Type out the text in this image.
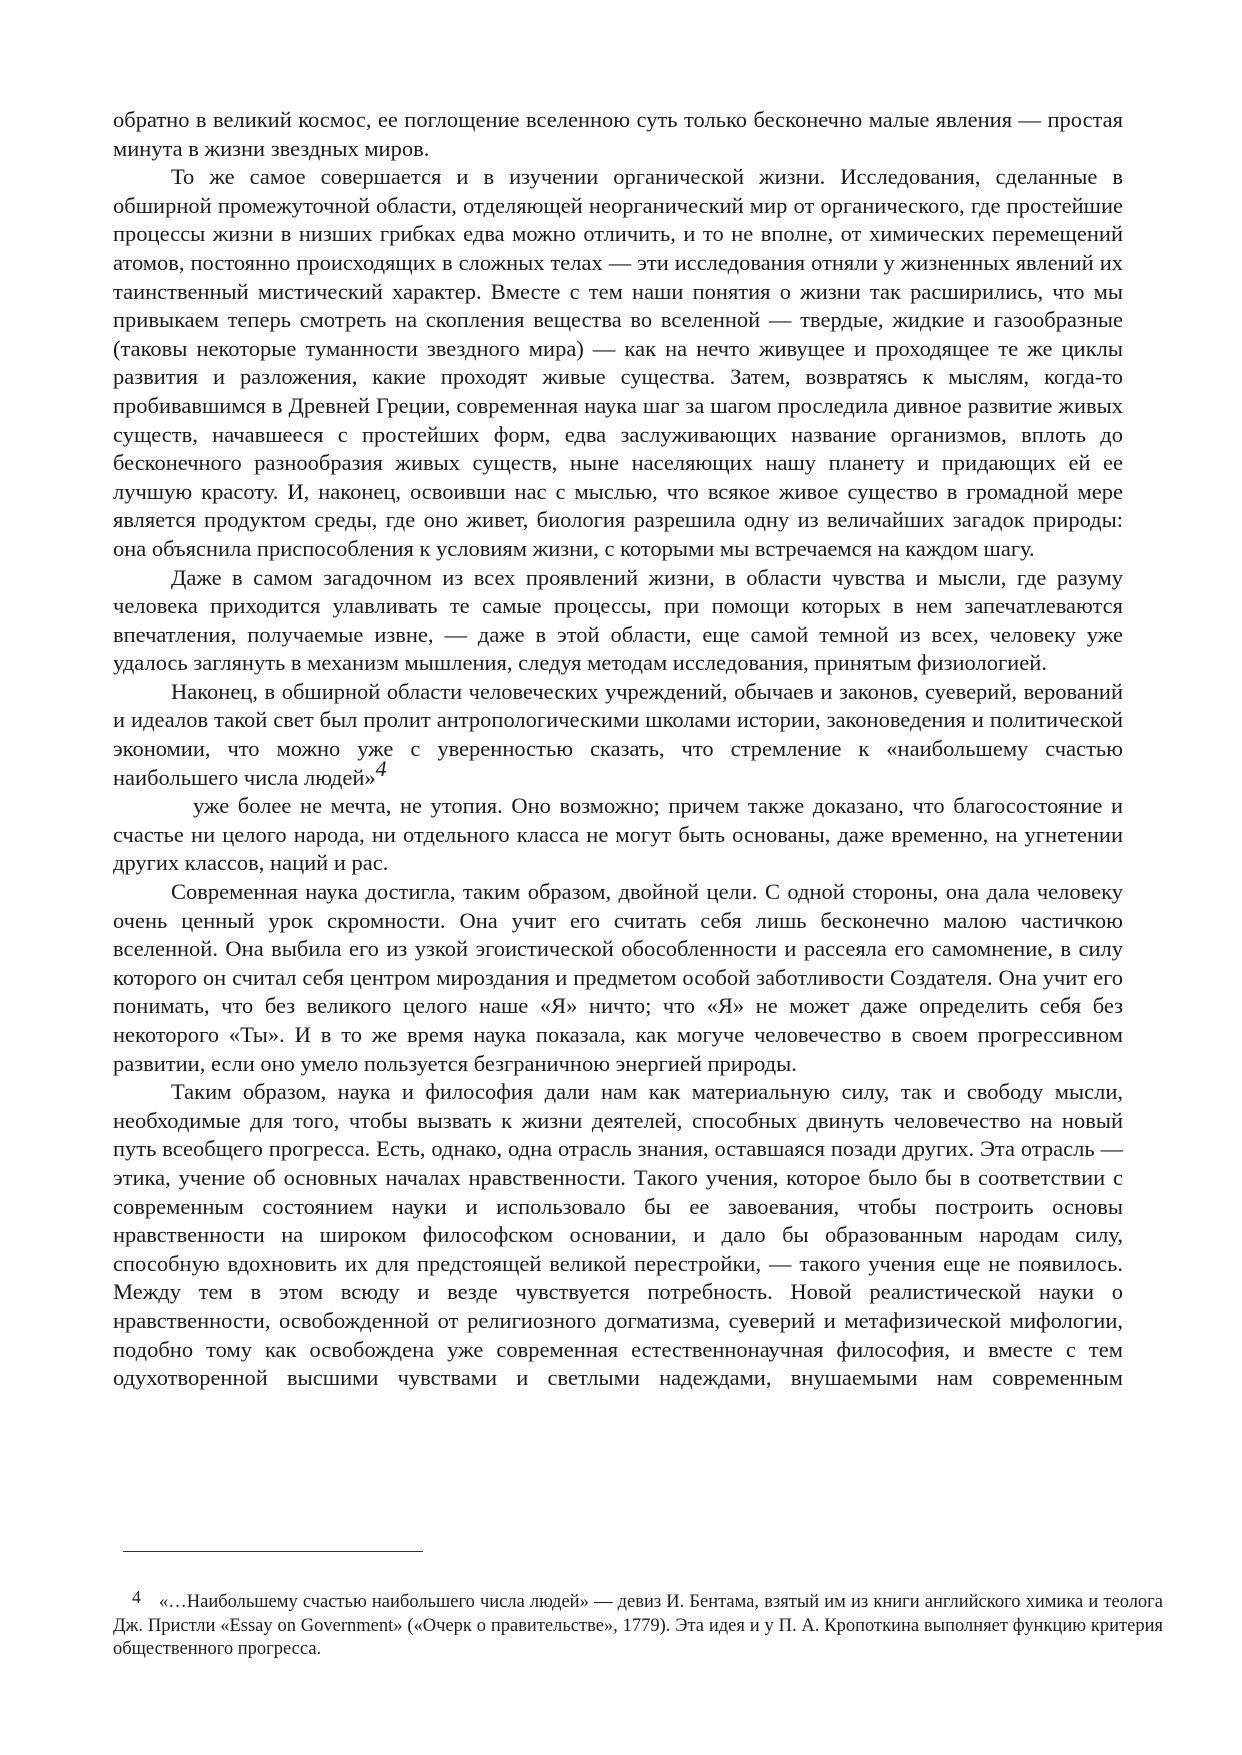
обратно в великий космос, ее поглощение вселенною суть только бесконечно малые явления — простая минута в жизни звездных миров.

То же самое совершается и в изучении органической жизни. Исследования, сделанные в обширной промежуточной области, отделяющей неорганический мир от органического, где простейшие процессы жизни в низших грибках едва можно отличить, и то не вполне, от химических перемещений атомов, постоянно происходящих в сложных телах — эти исследования отняли у жизненных явлений их таинственный мистический характер. Вместе с тем наши понятия о жизни так расширились, что мы привыкаем теперь смотреть на скопления вещества во вселенной — твердые, жидкие и газообразные (таковы некоторые туманности звездного мира) — как на нечто живущее и проходящее те же циклы развития и разложения, какие проходят живые существа. Затем, возвратясь к мыслям, когда-то пробивавшимся в Древней Греции, современная наука шаг за шагом проследила дивное развитие живых существ, начавшееся с простейших форм, едва заслуживающих название организмов, вплоть до бесконечного разнообразия живых существ, ныне населяющих нашу планету и придающих ей ее лучшую красоту. И, наконец, освоивши нас с мыслью, что всякое живое существо в громадной мере является продуктом среды, где оно живет, биология разрешила одну из величайших загадок природы: она объяснила приспособления к условиям жизни, с которыми мы встречаемся на каждом шагу.

Даже в самом загадочном из всех проявлений жизни, в области чувства и мысли, где разуму человека приходится улавливать те самые процессы, при помощи которых в нем запечатлеваются впечатления, получаемые извне, — даже в этой области, еще самой темной из всех, человеку уже удалось заглянуть в механизм мышления, следуя методам исследования, принятым физиологией.

Наконец, в обширной области человеческих учреждений, обычаев и законов, суеверий, верований и идеалов такой свет был пролит антропологическими школами истории, законоведения и политической экономии, что можно уже с уверенностью сказать, что стремление к «наибольшему счастью наибольшего числа людей»4

уже более не мечта, не утопия. Оно возможно; причем также доказано, что благосостояние и счастье ни целого народа, ни отдельного класса не могут быть основаны, даже временно, на угнетении других классов, наций и рас.

Современная наука достигла, таким образом, двойной цели. С одной стороны, она дала человеку очень ценный урок скромности. Она учит его считать себя лишь бесконечно малою частичкою вселенной. Она выбила его из узкой эгоистической обособленности и рассеяла его самомнение, в силу которого он считал себя центром мироздания и предметом особой заботливости Создателя. Она учит его понимать, что без великого целого наше «Я» ничто; что «Я» не может даже определить себя без некоторого «Ты». И в то же время наука показала, как могуче человечество в своем прогрессивном развитии, если оно умело пользуется безграничною энергией природы.

Таким образом, наука и философия дали нам как материальную силу, так и свободу мысли, необходимые для того, чтобы вызвать к жизни деятелей, способных двинуть человечество на новый путь всеобщего прогресса. Есть, однако, одна отрасль знания, оставшаяся позади других. Эта отрасль — этика, учение об основных началах нравственности. Такого учения, которое было бы в соответствии с современным состоянием науки и использовало бы ее завоевания, чтобы построить основы нравственности на широком философском основании, и дало бы образованным народам силу, способную вдохновить их для предстоящей великой перестройки, — такого учения еще не появилось. Между тем в этом всюду и везде чувствуется потребность. Новой реалистической науки о нравственности, освобожденной от религиозного догматизма, суеверий и метафизической мифологии, подобно тому как освобождена уже современная естественнонаучная философия, и вместе с тем одухотворенной высшими чувствами и светлыми надеждами, внушаемыми нам современным

4 «…Наибольшему счастью наибольшего числа людей» — девиз И. Бентама, взятый им из книги английского химика и теолога Дж. Пристли «Essay on Government» («Очерк о правительстве», 1779). Эта идея и у П. А. Кропоткина выполняет функцию критерия общественного прогресса.
